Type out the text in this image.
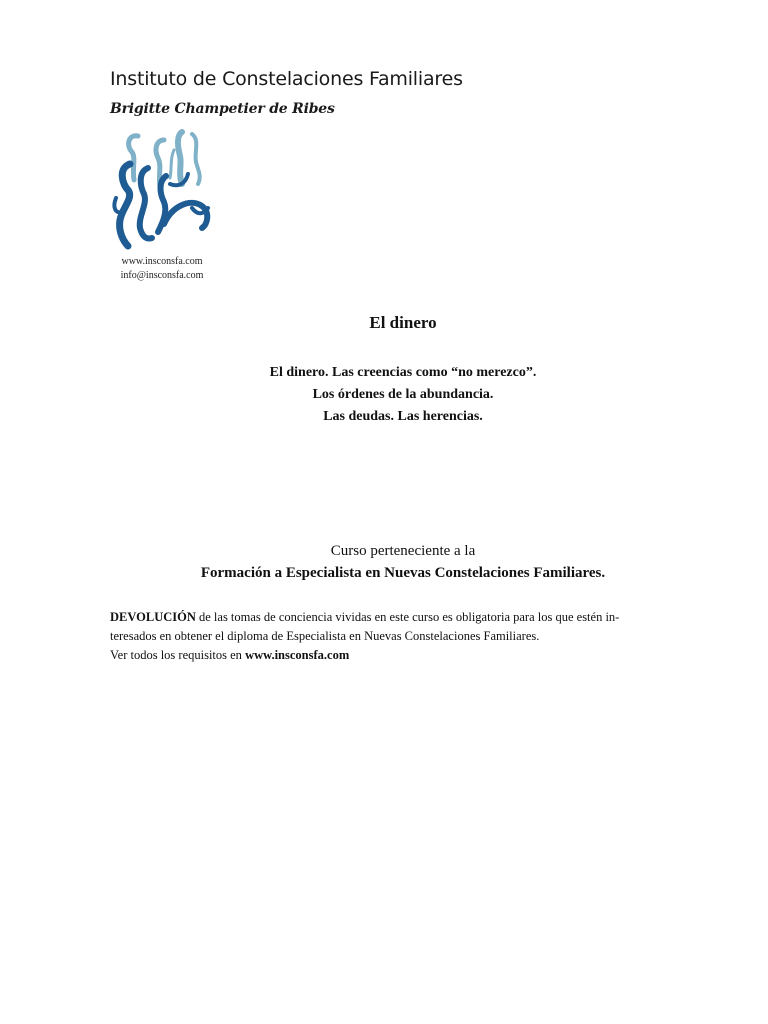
Instituto de Constelaciones Familiares
Brigitte Champetier de Ribes
www.insconsfa.com
info@insconsfa.com
El dinero
El dinero. Las creencias como “no merezco”.
Los órdenes de la abundancia.
Las deudas. Las herencias.
Curso perteneciente a la
Formación a Especialista en Nuevas Constelaciones Familiares.
DEVOLUCIÓN de las tomas de conciencia vividas en este curso es obligatoria para los que estén in-
teresados en obtener el diploma de Especialista en Nuevas Constelaciones Familiares.
Ver todos los requisitos en www.insconsfa.com
